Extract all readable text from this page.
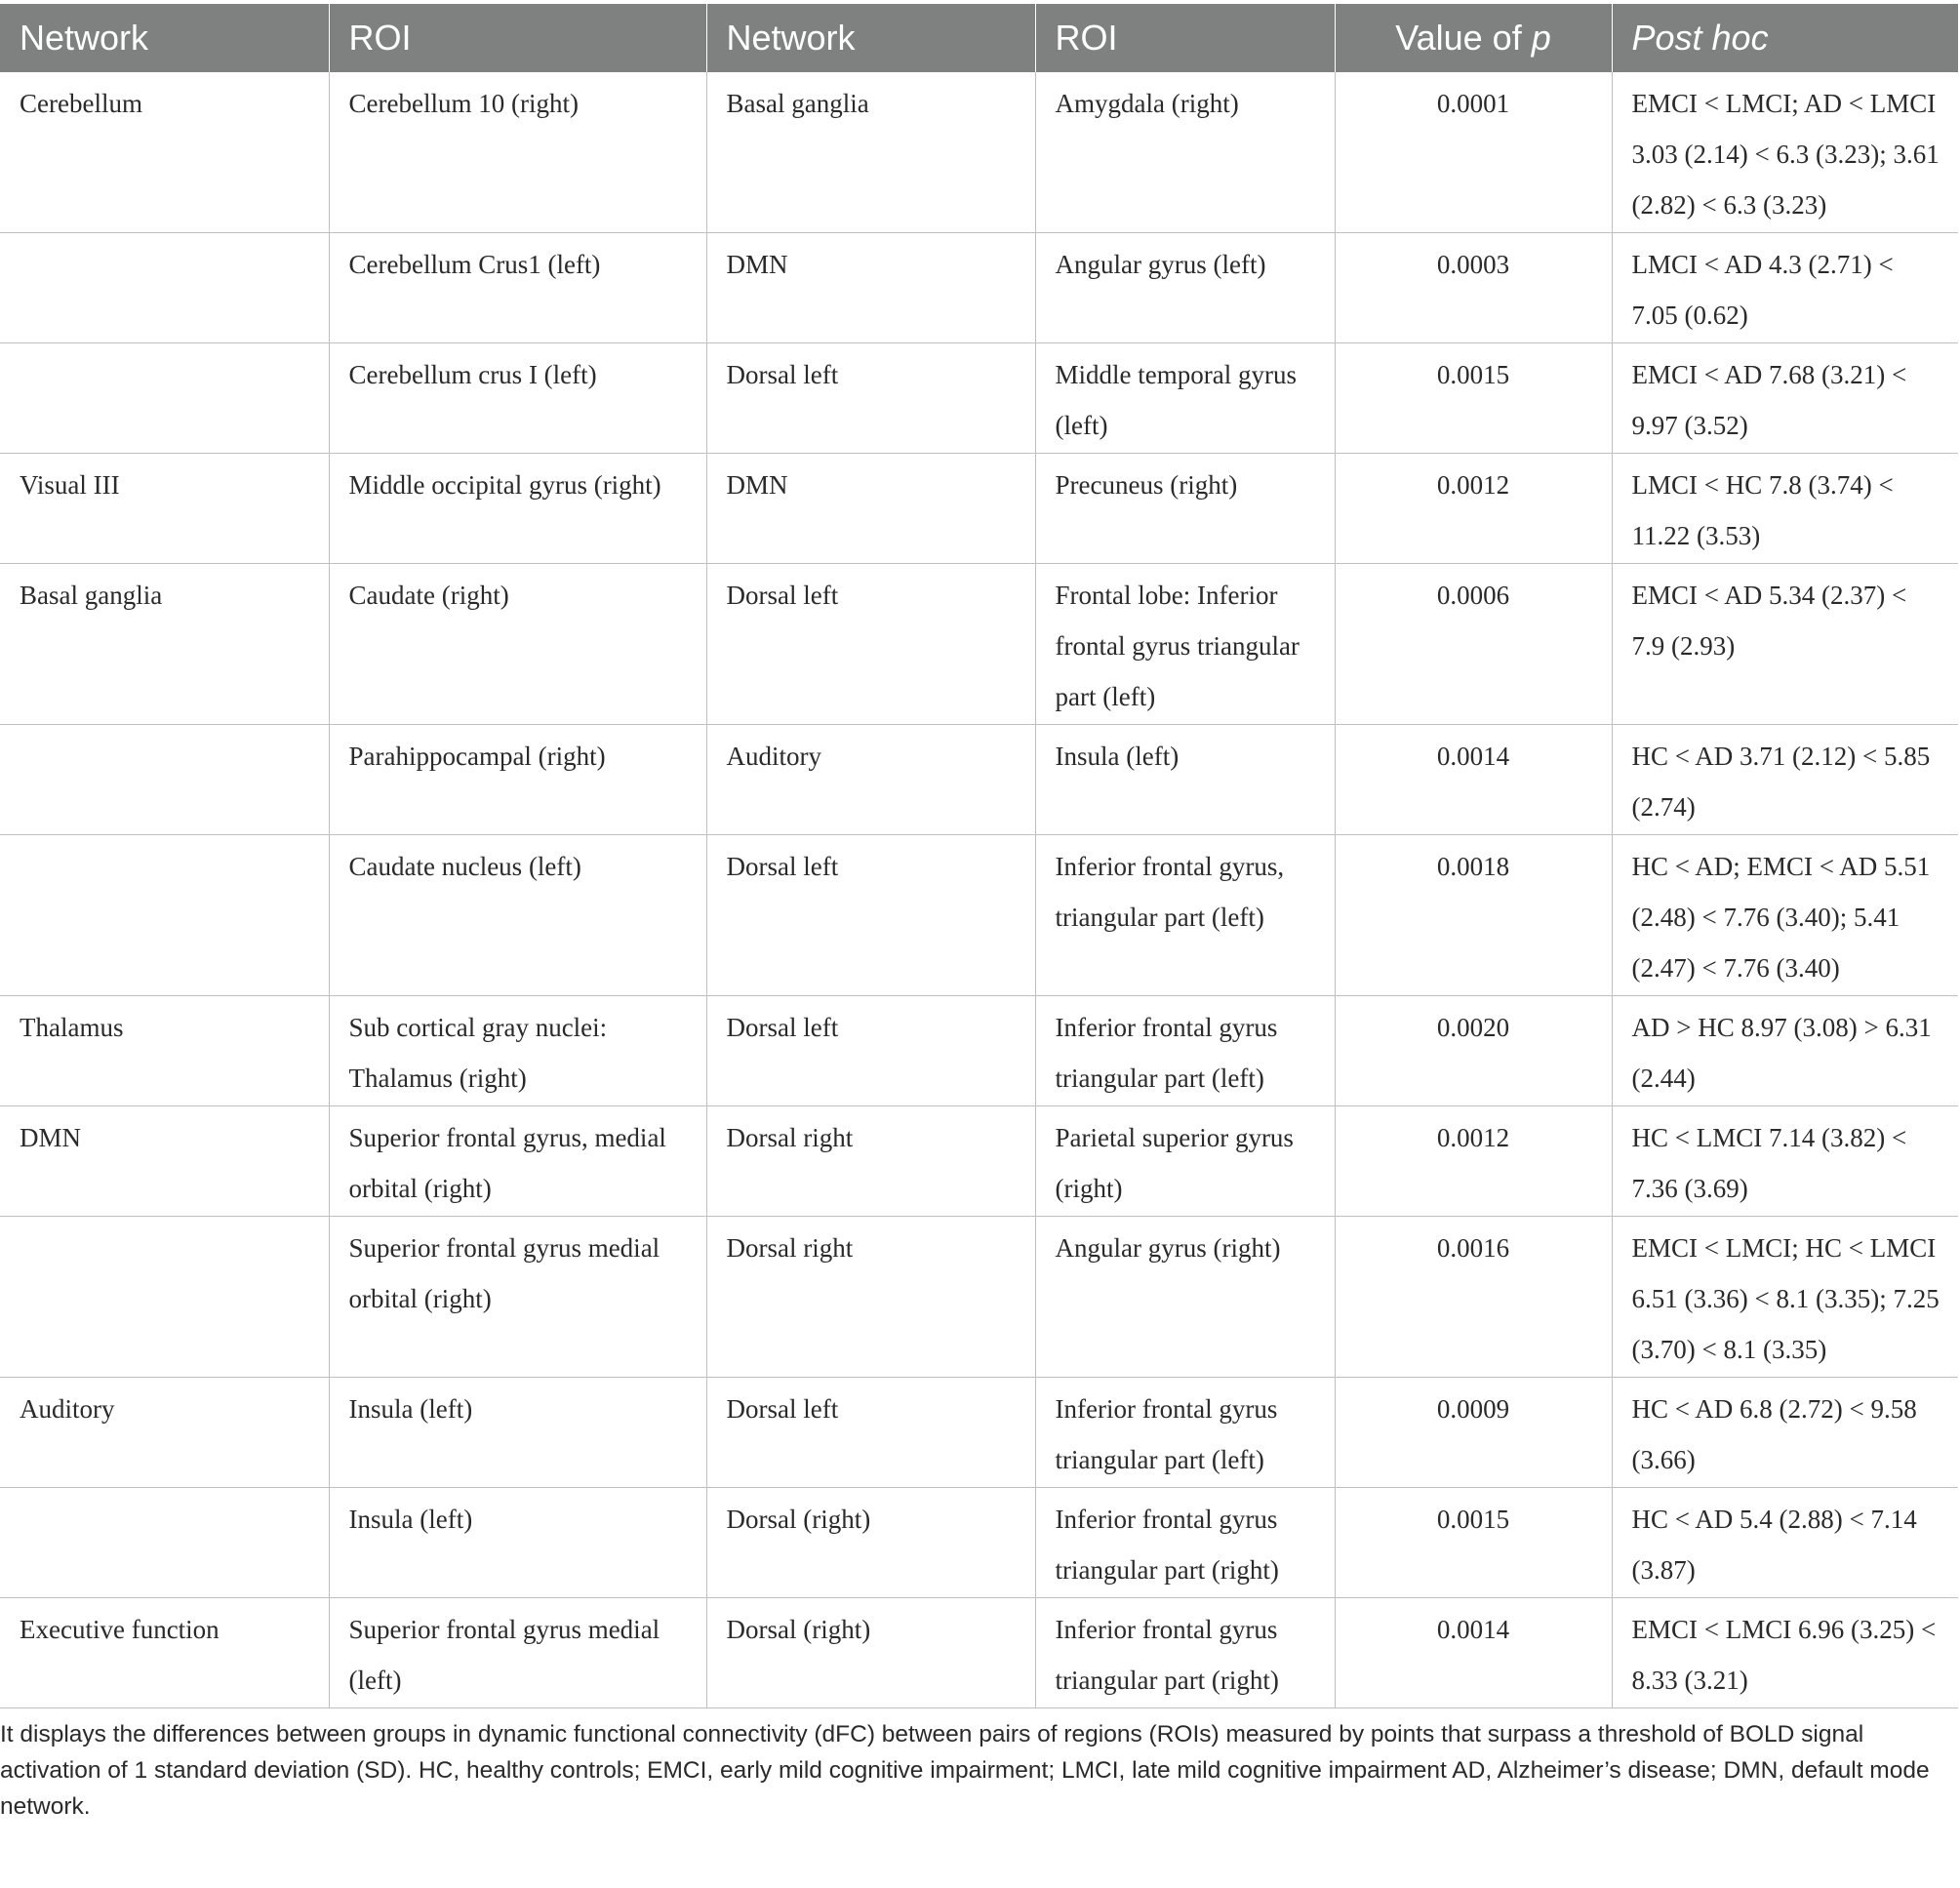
Network	ROI	Network	ROI	Value of p	Post hoc
Cerebellum	Cerebellum 10 (right)	Basal ganglia	Amygdala (right)	0.0001	EMCI < LMCI; AD < LMCI 3.03 (2.14) < 6.3 (3.23); 3.61 (2.82) < 6.3 (3.23)
	Cerebellum Crus1 (left)	DMN	Angular gyrus (left)	0.0003	LMCI < AD 4.3 (2.71) < 7.05 (0.62)
	Cerebellum crus I (left)	Dorsal left	Middle temporal gyrus (left)	0.0015	EMCI < AD 7.68 (3.21) < 9.97 (3.52)
Visual III	Middle occipital gyrus (right)	DMN	Precuneus (right)	0.0012	LMCI < HC 7.8 (3.74) < 11.22 (3.53)
Basal ganglia	Caudate (right)	Dorsal left	Frontal lobe: Inferior frontal gyrus triangular part (left)	0.0006	EMCI < AD 5.34 (2.37) < 7.9 (2.93)
	Parahippocampal (right)	Auditory	Insula (left)	0.0014	HC < AD 3.71 (2.12) < 5.85 (2.74)
	Caudate nucleus (left)	Dorsal left	Inferior frontal gyrus, triangular part (left)	0.0018	HC < AD; EMCI < AD 5.51 (2.48) < 7.76 (3.40); 5.41 (2.47) < 7.76 (3.40)
Thalamus	Sub cortical gray nuclei: Thalamus (right)	Dorsal left	Inferior frontal gyrus triangular part (left)	0.0020	AD > HC 8.97 (3.08) > 6.31 (2.44)
DMN	Superior frontal gyrus, medial orbital (right)	Dorsal right	Parietal superior gyrus (right)	0.0012	HC < LMCI 7.14 (3.82) < 7.36 (3.69)
	Superior frontal gyrus medial orbital (right)	Dorsal right	Angular gyrus (right)	0.0016	EMCI < LMCI; HC < LMCI 6.51 (3.36) < 8.1 (3.35); 7.25 (3.70) < 8.1 (3.35)
Auditory	Insula (left)	Dorsal left	Inferior frontal gyrus triangular part (left)	0.0009	HC < AD 6.8 (2.72) < 9.58 (3.66)
	Insula (left)	Dorsal (right)	Inferior frontal gyrus triangular part (right)	0.0015	HC < AD 5.4 (2.88) < 7.14 (3.87)
Executive function	Superior frontal gyrus medial (left)	Dorsal (right)	Inferior frontal gyrus triangular part (right)	0.0014	EMCI < LMCI 6.96 (3.25) < 8.33 (3.21)
It displays the differences between groups in dynamic functional connectivity (dFC) between pairs of regions (ROIs) measured by points that surpass a threshold of BOLD signal activation of 1 standard deviation (SD). HC, healthy controls; EMCI, early mild cognitive impairment; LMCI, late mild cognitive impairment AD, Alzheimer’s disease; DMN, default mode network.
